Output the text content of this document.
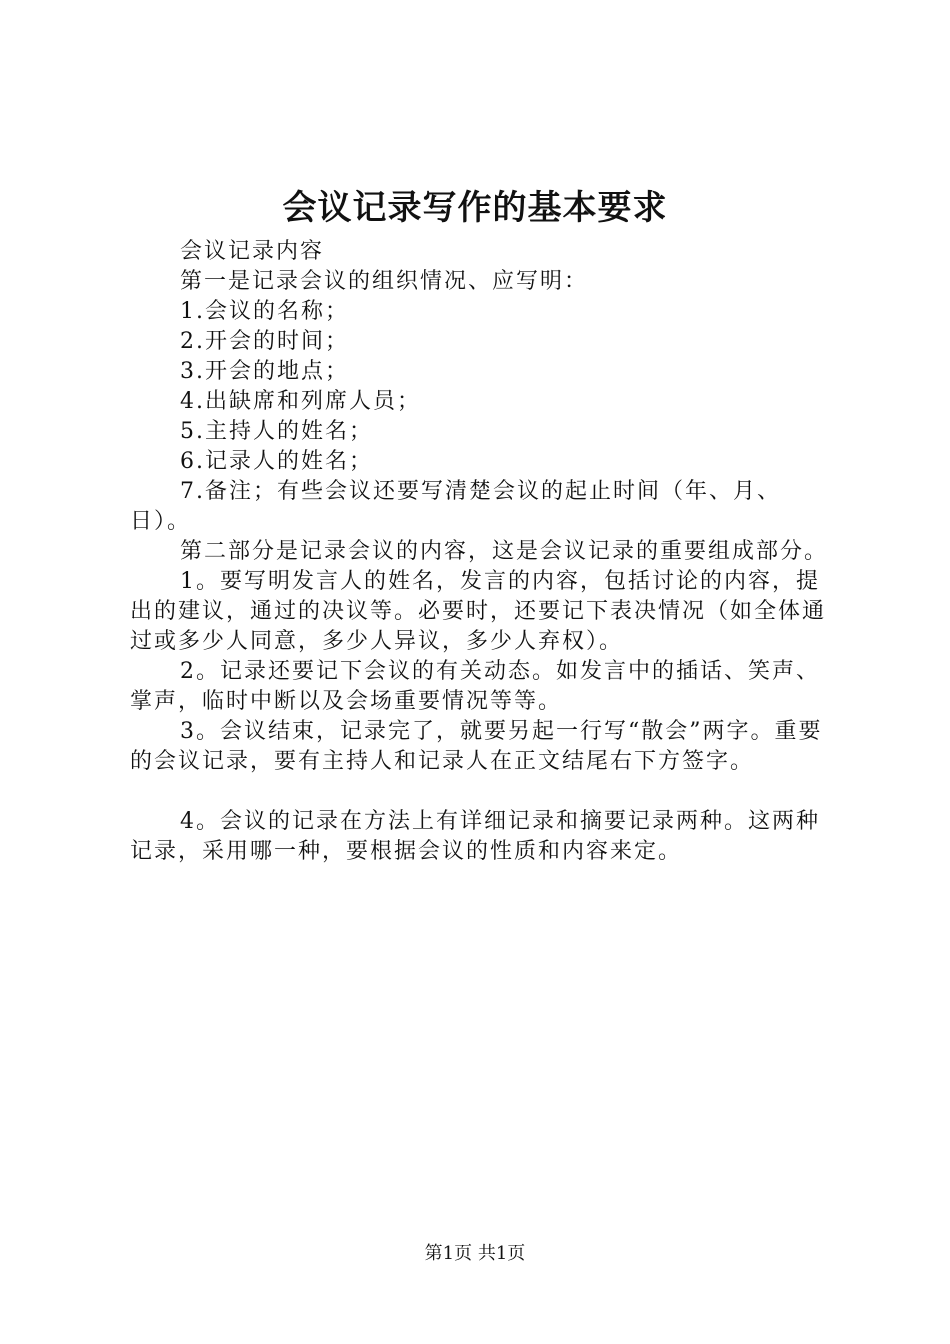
会议记录写作的基本要求

会议记录内容

第一是记录会议的组织情况、应写明：

1.会议的名称；

2.开会的时间；

3.开会的地点；

4.出缺席和列席人员；

5.主持人的姓名；

6.记录人的姓名；

7.备注；有些会议还要写清楚会议的起止时间（年、月、日）。

第二部分是记录会议的内容，这是会议记录的重要组成部分。

1。要写明发言人的姓名，发言的内容，包括讨论的内容，提出的建议，通过的决议等。必要时，还要记下表决情况（如全体通过或多少人同意，多少人异议，多少人弃权）。

2。记录还要记下会议的有关动态。如发言中的插话、笑声、掌声，临时中断以及会场重要情况等等。

3。会议结束，记录完了，就要另起一行写“散会”两字。重要的会议记录，要有主持人和记录人在正文结尾右下方签字。

4。会议的记录在方法上有详细记录和摘要记录两种。这两种记录，采用哪一种，要根据会议的性质和内容来定。

第1页 共1页
